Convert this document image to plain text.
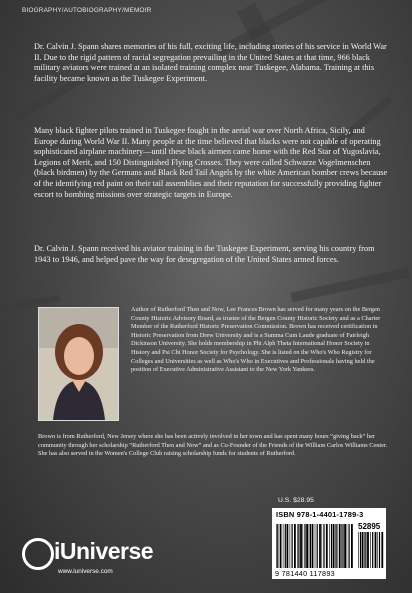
BIOGRAPHY/AUTOBIOGRAPHY/MEMOIR

Dr. Calvin J. Spann shares memories of his full, exciting life, including stories of his service in World War II. Due to the rigid pattern of racial segregation prevailing in the United States at that time, 966 black military aviators were trained at an isolated training complex near Tuskegee, Alabama. Training at this facility became known as the Tuskegee Experiment.

Many black fighter pilots trained in Tuskegee fought in the aerial war over North Africa, Sicily, and Europe during World War II. Many people at the time believed that blacks were not capable of operating sophisticated airplane machinery—until these black airmen came home with the Red Star of Yugoslavia, Legions of Merit, and 150 Distinguished Flying Crosses. They were called Schwarze Vogelmenschen (black birdmen) by the Germans and Black Red Tail Angels by the white American bomber crews because of the identifying red paint on their tail assemblies and their reputation for successfully providing fighter escort to bombing missions over strategic targets in Europe.

Dr. Calvin J. Spann received his aviator training in the Tuskegee Experiment, serving his country from 1943 to 1946, and helped pave the way for desegregation of the United States armed forces.

Author of Rutherford Then and Now, Lee Frances Brown has served for many years on the Bergen County Historic Advisory Board, as trustee of the Bergen County Historic Society and as a Charter Member of the Rutherford Historic Preservation Commission. Brown has received certification in Historic Preservation from Drew University and is a Summa Cum Laude graduate of Fairleigh Dickinson University. She holds membership in Phi Alph Theta International Honor Society in History and Psi Chi Honor Society for Psychology. She is listed on the Who's Who Registry for Colleges and Universities as well as Who's Who in Executives and Professionals having held the position of Executive Administrative Assistant to the New York Yankees.

Brown is from Rutherford, New Jersey where she has been actively involved in her town and has spent many hours “giving back” her community through her scholarship “Rutherford Then and Now” and as Co-Founder of the Friends of the William Carlos Williams Center. She has also served in the Women's College Club raising scholarship funds for students of Rutherford.

iUniverse
www.iuniverse.com
U.S. $28.95
ISBN 978-1-4401-1789-3
52895
9 781440 117893
